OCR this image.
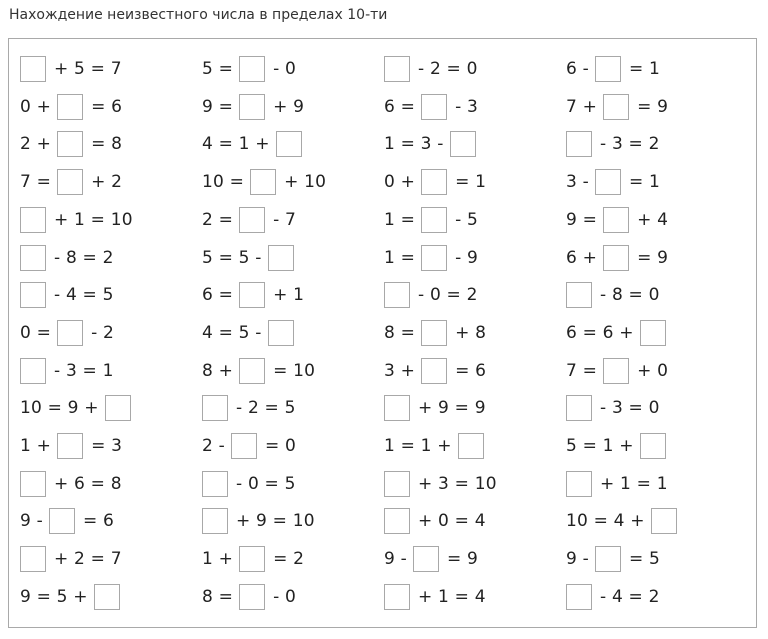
Нахождение неизвестного числа в пределах 10-ти
+ 5 = 7	5 = - 0	- 2 = 0	6 - = 1
0 + = 6	9 = + 9	6 = - 3	7 + = 9
2 + = 8	4 = 1 +	1 = 3 -	- 3 = 2
7 = + 2	10 = + 10	0 + = 1	3 - = 1
+ 1 = 10	2 = - 7	1 = - 5	9 = + 4
- 8 = 2	5 = 5 -	1 = - 9	6 + = 9
- 4 = 5	6 = + 1	- 0 = 2	- 8 = 0
0 = - 2	4 = 5 -	8 = + 8	6 = 6 +
- 3 = 1	8 + = 10	3 + = 6	7 = + 0
10 = 9 +	- 2 = 5	+ 9 = 9	- 3 = 0
1 + = 3	2 - = 0	1 = 1 +	5 = 1 +
+ 6 = 8	- 0 = 5	+ 3 = 10	+ 1 = 1
9 - = 6	+ 9 = 10	+ 0 = 4	10 = 4 +
+ 2 = 7	1 + = 2	9 - = 9	9 - = 5
9 = 5 +	8 = - 0	+ 1 = 4	- 4 = 2
